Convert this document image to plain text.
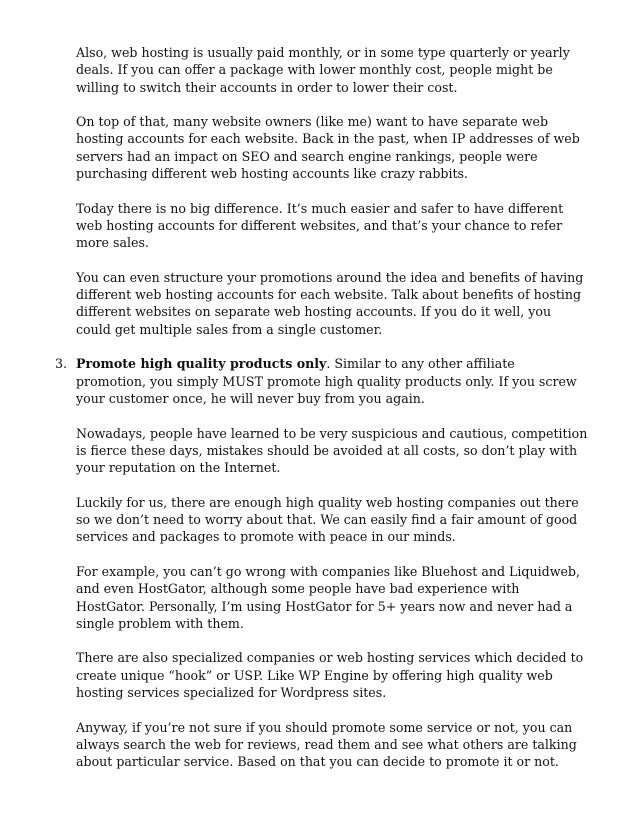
Also, web hosting is usually paid monthly, or in some type quarterly or yearly deals. If you can offer a package with lower monthly cost, people might be willing to switch their accounts in order to lower their cost.

On top of that, many website owners (like me) want to have separate web hosting accounts for each website. Back in the past, when IP addresses of web servers had an impact on SEO and search engine rankings, people were purchasing different web hosting accounts like crazy rabbits.

Today there is no big difference. It’s much easier and safer to have different web hosting accounts for different websites, and that’s your chance to refer more sales.

You can even structure your promotions around the idea and benefits of having different web hosting accounts for each website. Talk about benefits of hosting different websites on separate web hosting accounts. If you do it well, you could get multiple sales from a single customer.

3. Promote high quality products only. Similar to any other affiliate promotion, you simply MUST promote high quality products only. If you screw your customer once, he will never buy from you again.

Nowadays, people have learned to be very suspicious and cautious, competition is fierce these days, mistakes should be avoided at all costs, so don’t play with your reputation on the Internet.

Luckily for us, there are enough high quality web hosting companies out there so we don’t need to worry about that. We can easily find a fair amount of good services and packages to promote with peace in our minds.

For example, you can’t go wrong with companies like Bluehost and Liquidweb, and even HostGator, although some people have bad experience with HostGator. Personally, I’m using HostGator for 5+ years now and never had a single problem with them.

There are also specialized companies or web hosting services which decided to create unique “hook” or USP. Like WP Engine by offering high quality web hosting services specialized for Wordpress sites.

Anyway, if you’re not sure if you should promote some service or not, you can always search the web for reviews, read them and see what others are talking about particular service. Based on that you can decide to promote it or not.
